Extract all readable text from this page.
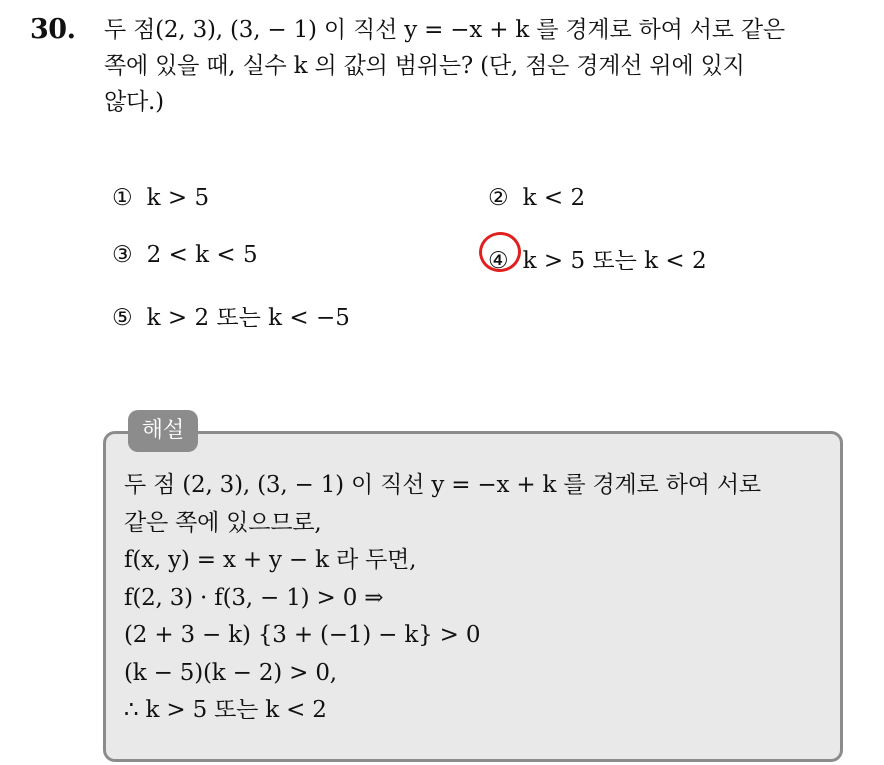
30. 두 점(2, 3), (3, − 1) 이 직선 y = −x + k 를 경계로 하여 서로 같은
쪽에 있을 때, 실수 k 의 값의 범위는? (단, 점은 경계선 위에 있지
않다.)
① k > 5	② k < 2
③ 2 < k < 5	④ k > 5 또는 k < 2
⑤ k > 2 또는 k < −5
해설
두 점 (2, 3), (3, − 1) 이 직선 y = −x + k 를 경계로 하여 서로
같은 쪽에 있으므로,
f(x, y) = x + y − k 라 두면,
f(2, 3) · f(3, − 1) > 0 ⇒
(2 + 3 − k) {3 + (−1) − k} > 0
(k − 5)(k − 2) > 0,
∴ k > 5 또는 k < 2
